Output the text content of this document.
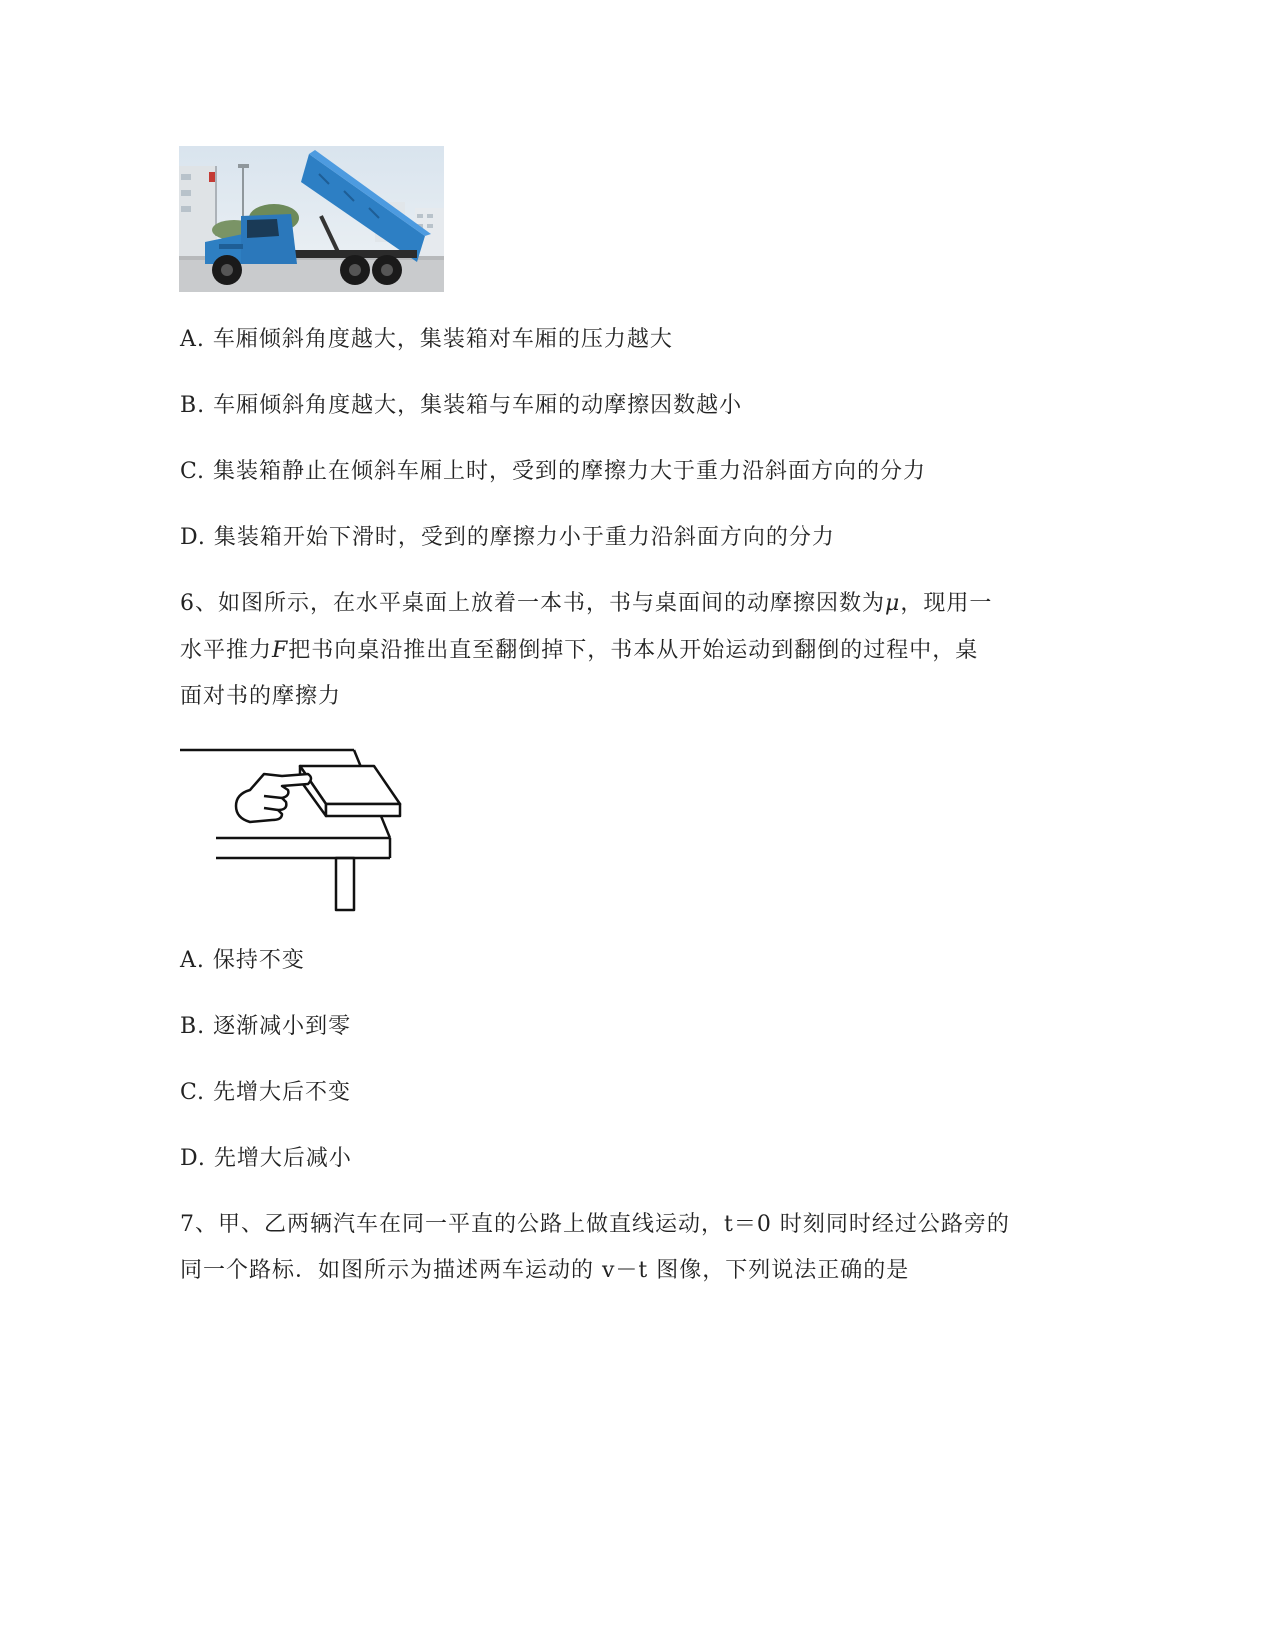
A. 车厢倾斜角度越大，集装箱对车厢的压力越大
B. 车厢倾斜角度越大，集装箱与车厢的动摩擦因数越小
C. 集装箱静止在倾斜车厢上时，受到的摩擦力大于重力沿斜面方向的分力
D. 集装箱开始下滑时，受到的摩擦力小于重力沿斜面方向的分力
6、如图所示，在水平桌面上放着一本书，书与桌面间的动摩擦因数为μ，现用一
水平推力F把书向桌沿推出直至翻倒掉下，书本从开始运动到翻倒的过程中，桌
面对书的摩擦力
A. 保持不变
B. 逐渐减小到零
C. 先增大后不变
D. 先增大后减小
7、甲、乙两辆汽车在同一平直的公路上做直线运动，t＝0 时刻同时经过公路旁的
同一个路标．如图所示为描述两车运动的 v－t 图像，下列说法正确的是
